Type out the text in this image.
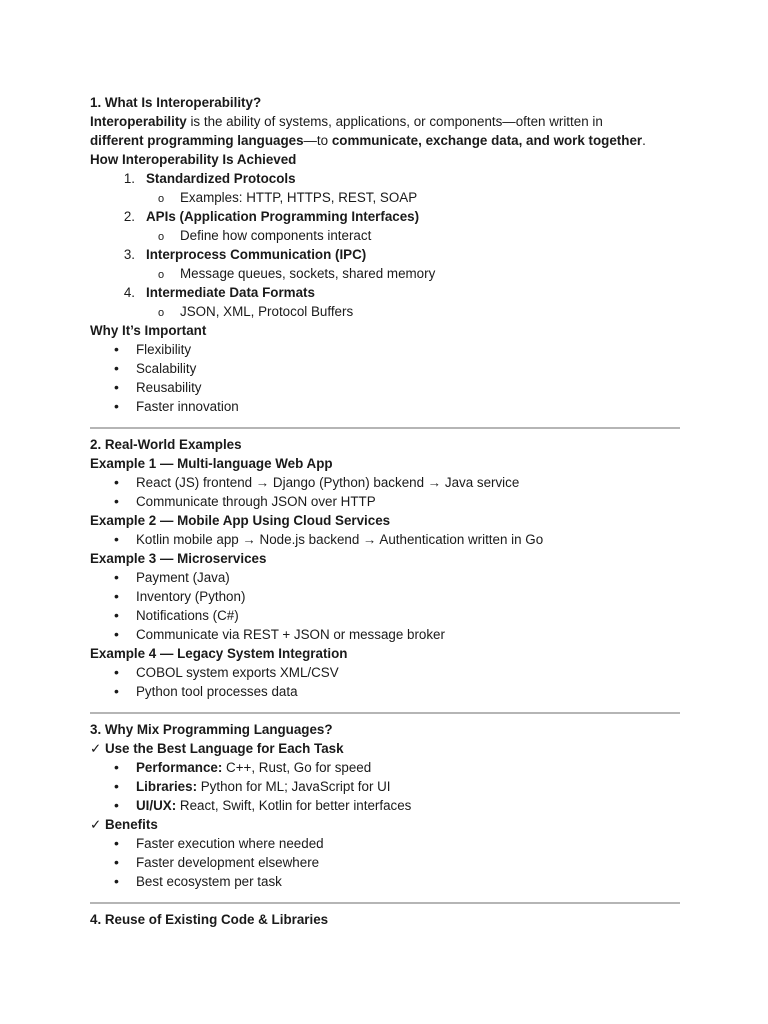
1. What Is Interoperability?
Interoperability is the ability of systems, applications, or components—often written in
different programming languages—to communicate, exchange data, and work together.
How Interoperability Is Achieved
1. Standardized Protocols
o Examples: HTTP, HTTPS, REST, SOAP
2. APIs (Application Programming Interfaces)
o Define how components interact
3. Interprocess Communication (IPC)
o Message queues, sockets, shared memory
4. Intermediate Data Formats
o JSON, XML, Protocol Buffers
Why It’s Important
• Flexibility
• Scalability
• Reusability
• Faster innovation
2. Real-World Examples
Example 1 — Multi-language Web App
• React (JS) frontend → Django (Python) backend → Java service
• Communicate through JSON over HTTP
Example 2 — Mobile App Using Cloud Services
• Kotlin mobile app → Node.js backend → Authentication written in Go
Example 3 — Microservices
• Payment (Java)
• Inventory (Python)
• Notifications (C#)
• Communicate via REST + JSON or message broker
Example 4 — Legacy System Integration
• COBOL system exports XML/CSV
• Python tool processes data
3. Why Mix Programming Languages?
✓ Use the Best Language for Each Task
• Performance: C++, Rust, Go for speed
• Libraries: Python for ML; JavaScript for UI
• UI/UX: React, Swift, Kotlin for better interfaces
✓ Benefits
• Faster execution where needed
• Faster development elsewhere
• Best ecosystem per task
4. Reuse of Existing Code & Libraries
